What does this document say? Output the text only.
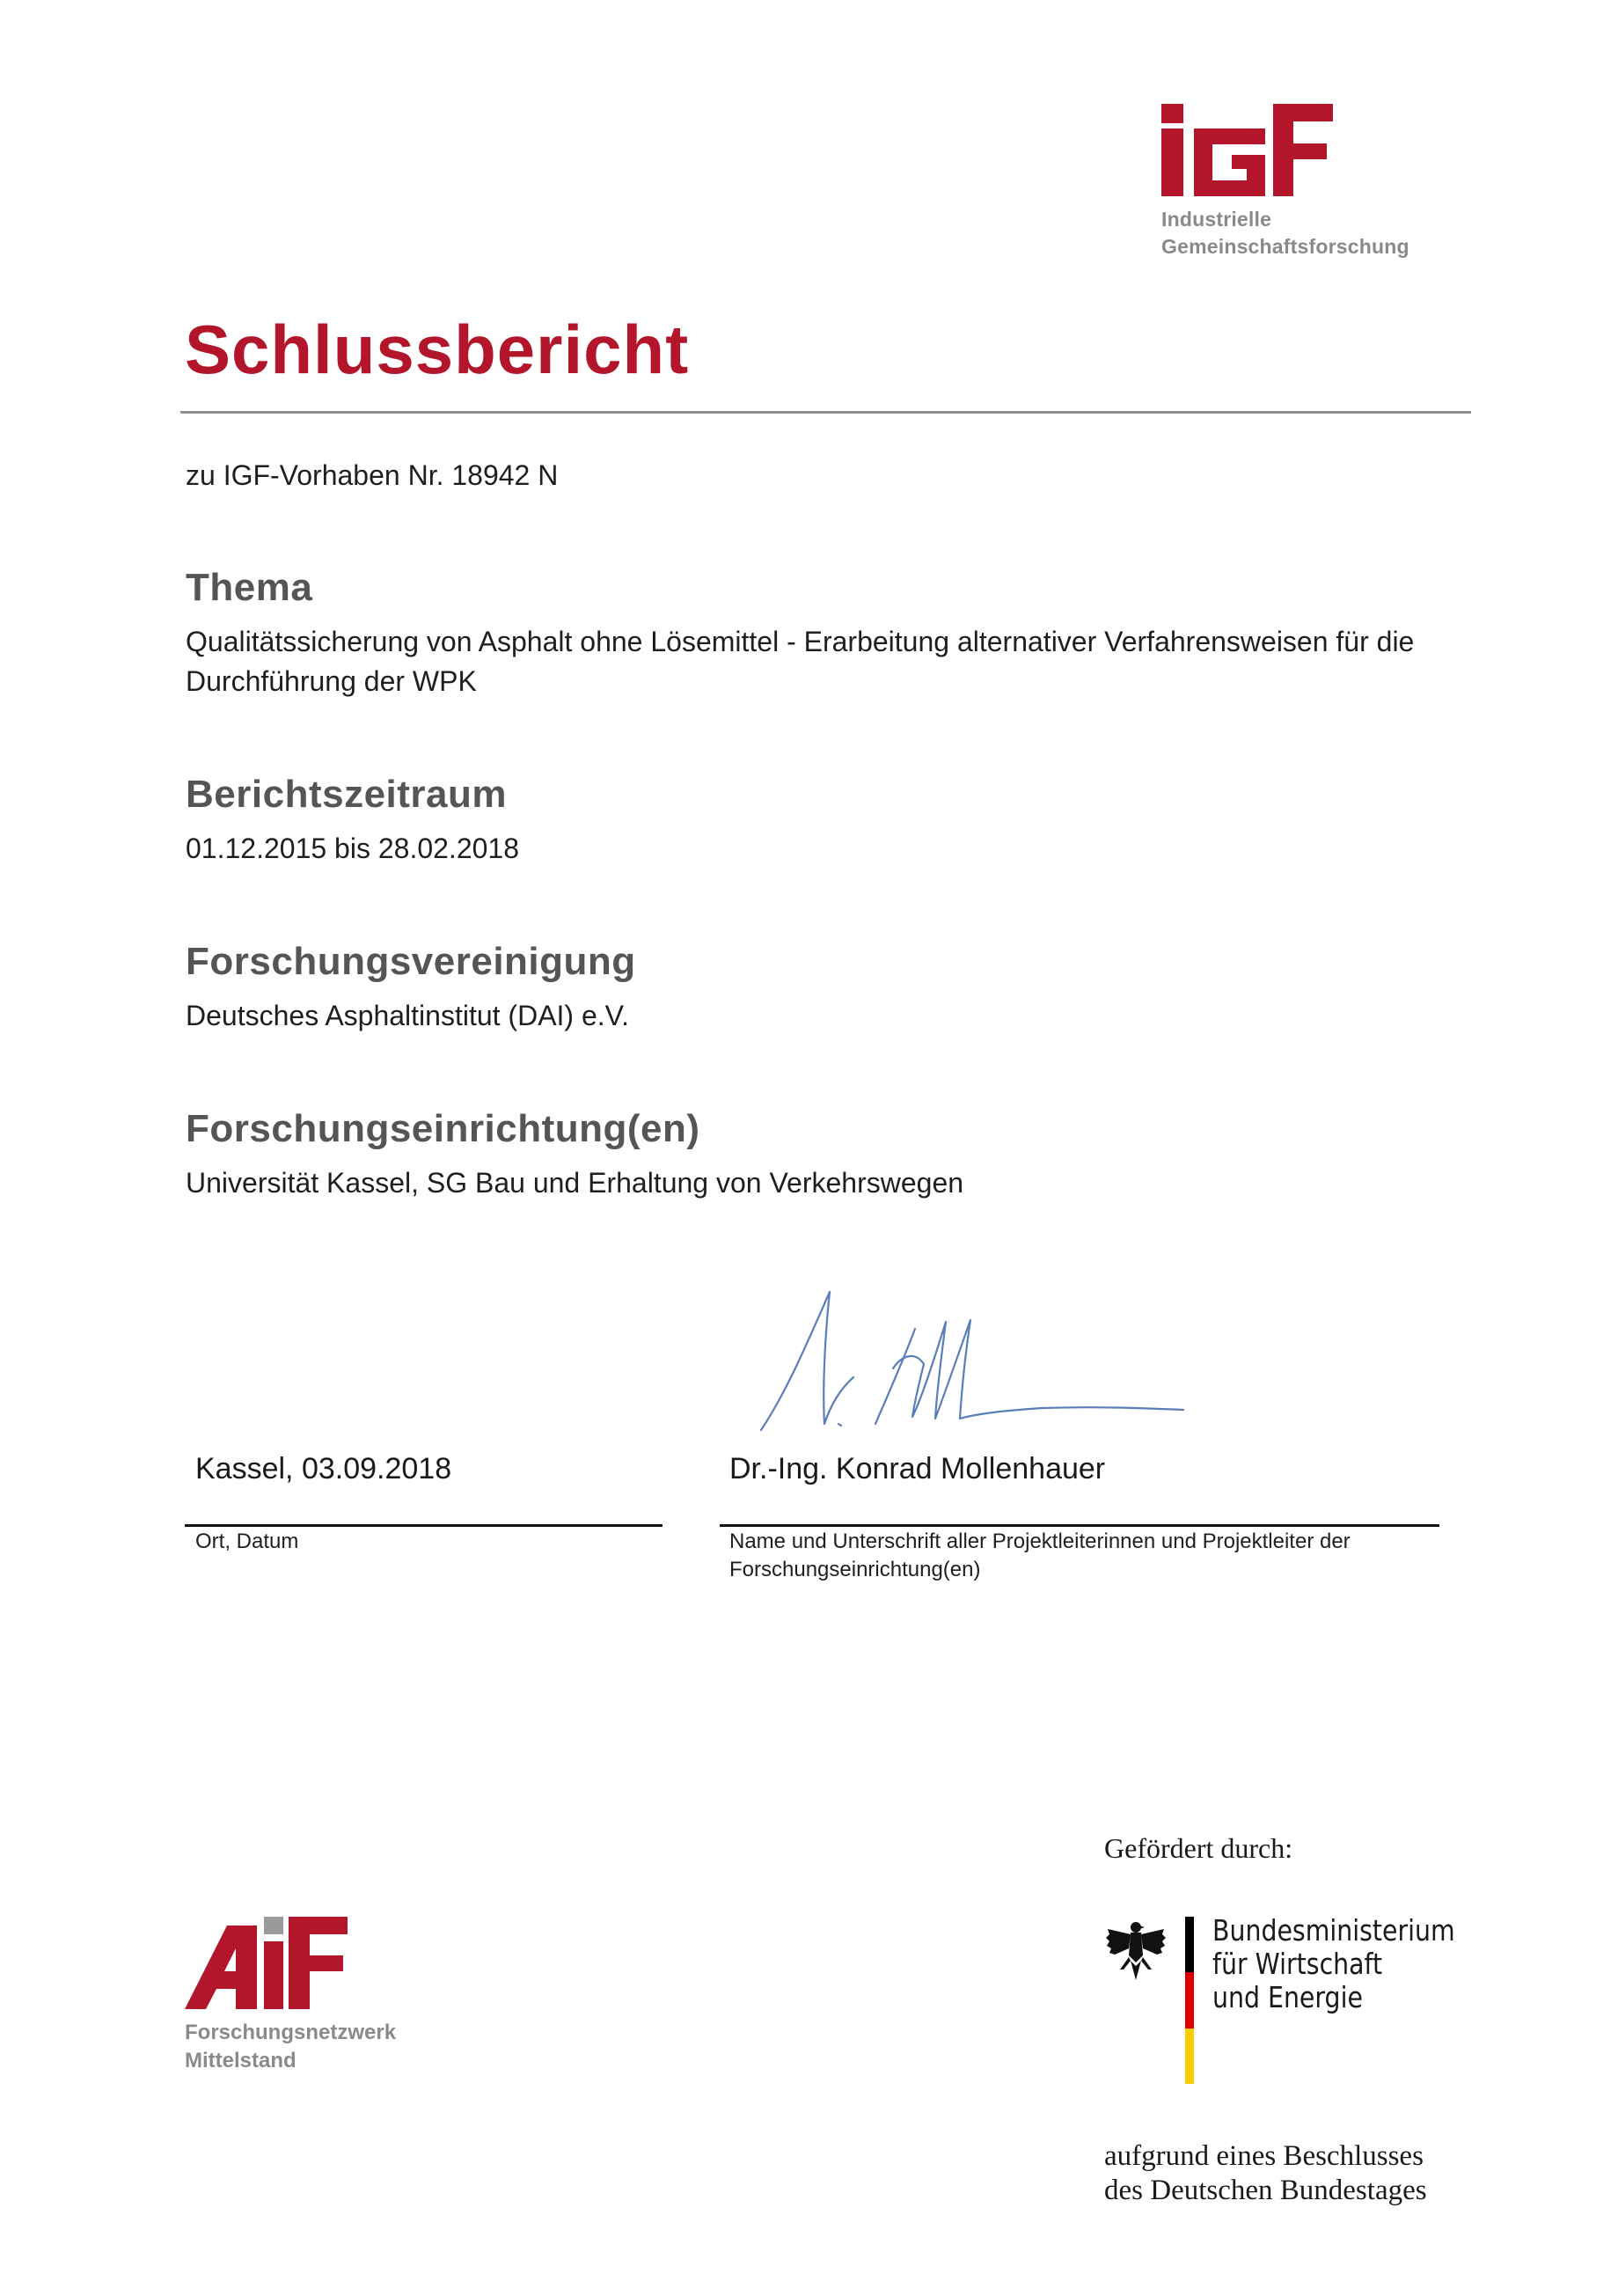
Industrielle
Gemeinschaftsforschung
Schlussbericht
zu IGF-Vorhaben Nr. 18942 N
Thema
Qualitätssicherung von Asphalt ohne Lösemittel - Erarbeitung alternativer Verfahrensweisen für die Durchführung der WPK
Berichtszeitraum
01.12.2015 bis 28.02.2018
Forschungsvereinigung
Deutsches Asphaltinstitut (DAI) e.V.
Forschungseinrichtung(en)
Universität Kassel, SG Bau und Erhaltung von Verkehrswegen
Kassel, 03.09.2018	Dr.-Ing. Konrad Mollenhauer
Ort, Datum	Name und Unterschrift aller Projektleiterinnen und Projektleiter der Forschungseinrichtung(en)
Forschungsnetzwerk
Mittelstand
Gefördert durch:
Bundesministerium
für Wirtschaft
und Energie
aufgrund eines Beschlusses
des Deutschen Bundestages
